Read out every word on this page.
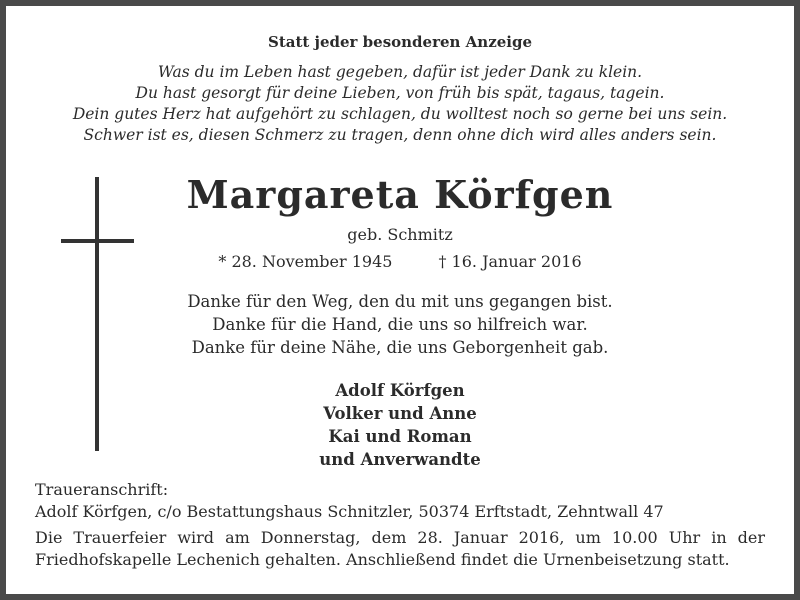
Statt jeder besonderen Anzeige
Was du im Leben hast gegeben, dafür ist jeder Dank zu klein.
Du hast gesorgt für deine Lieben, von früh bis spät, tagaus, tagein.
Dein gutes Herz hat aufgehört zu schlagen, du wolltest noch so gerne bei uns sein.
Schwer ist es, diesen Schmerz zu tragen, denn ohne dich wird alles anders sein.
Margareta Körfgen
geb. Schmitz
* 28. November 1945	† 16. Januar 2016
Danke für den Weg, den du mit uns gegangen bist.
Danke für die Hand, die uns so hilfreich war.
Danke für deine Nähe, die uns Geborgenheit gab.
Adolf Körfgen
Volker und Anne
Kai und Roman
und Anverwandte
Traueranschrift:
Adolf Körfgen, c/o Bestattungshaus Schnitzler, 50374 Erftstadt, Zehntwall 47
Die Trauerfeier wird am Donnerstag, dem 28. Januar 2016, um 10.00 Uhr in der Friedhofskapelle Lechenich gehalten. Anschließend findet die Urnenbeisetzung statt.
